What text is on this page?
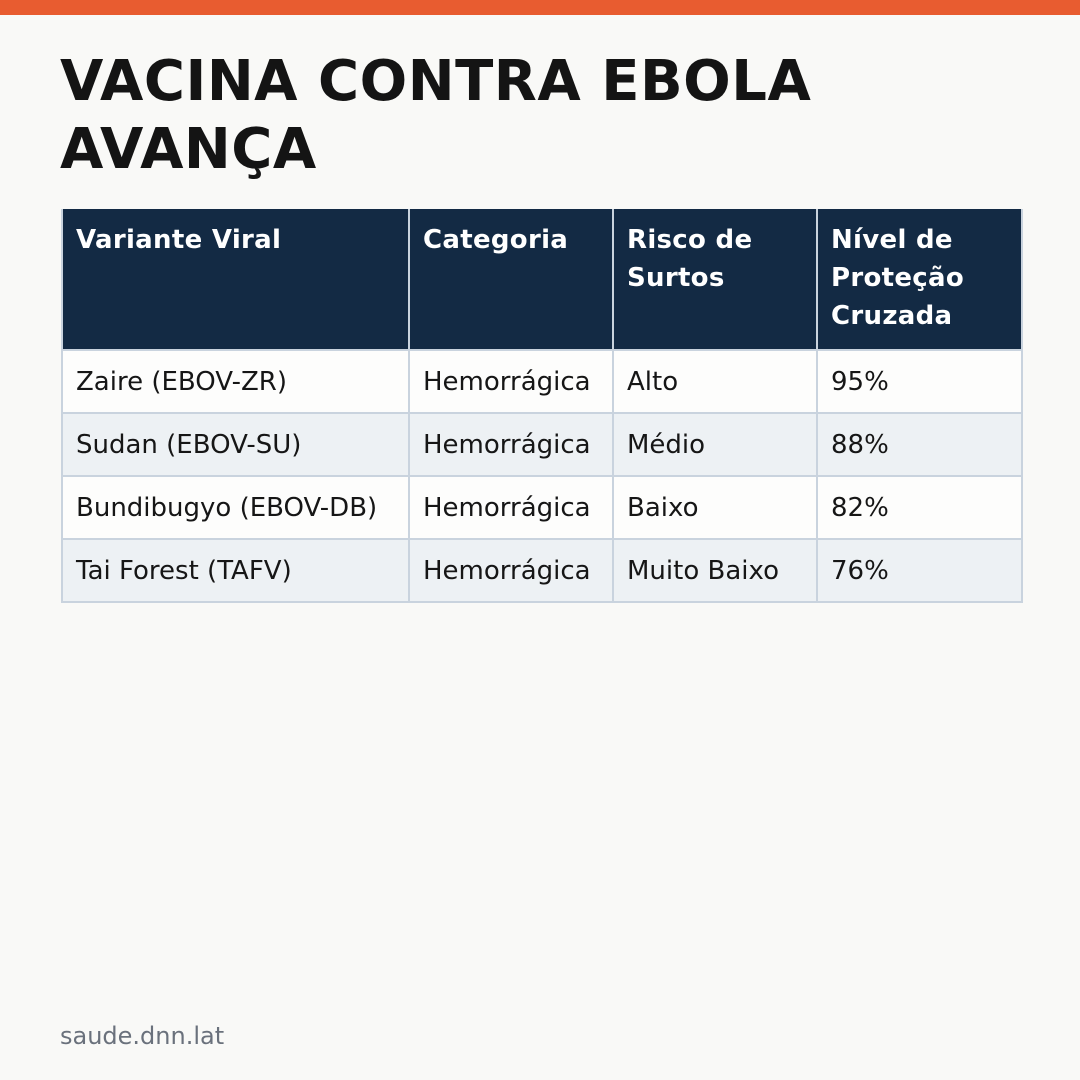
VACINA CONTRA EBOLA AVANÇA
Variante Viral	Categoria	Risco de Surtos	Nível de Proteção Cruzada
Zaire (EBOV-ZR)	Hemorrágica	Alto	95%
Sudan (EBOV-SU)	Hemorrágica	Médio	88%
Bundibugyo (EBOV-DB)	Hemorrágica	Baixo	82%
Tai Forest (TAFV)	Hemorrágica	Muito Baixo	76%
saude.dnn.lat
